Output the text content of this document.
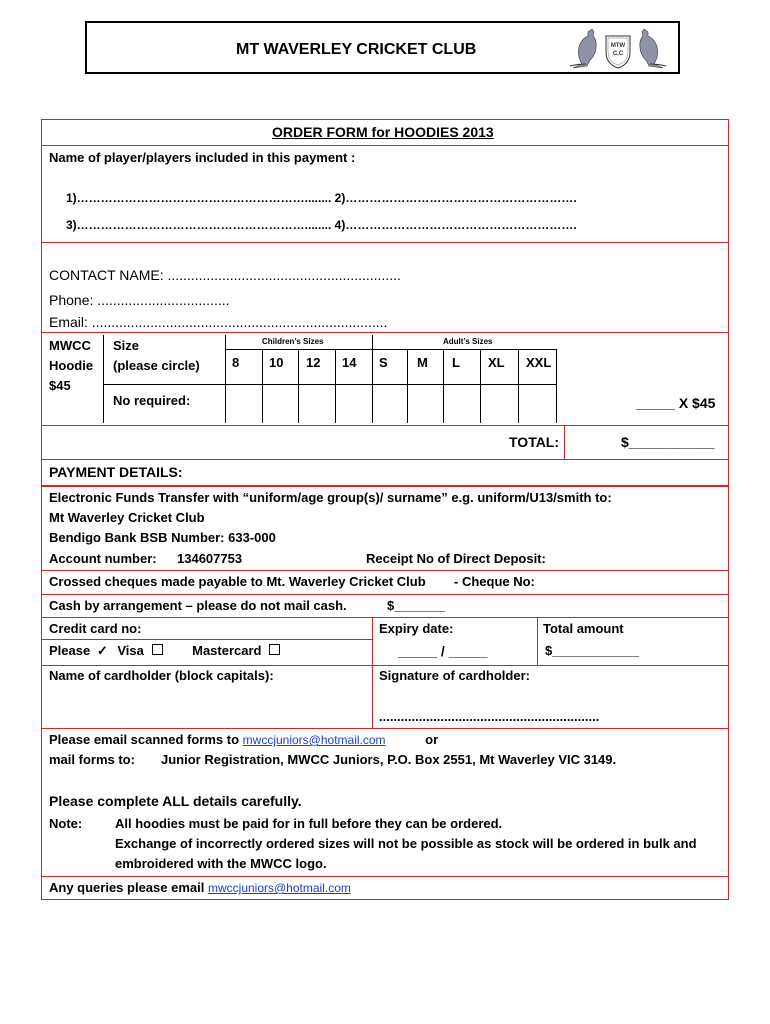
MT WAVERLEY CRICKET CLUB	MTW
C.C
ORDER FORM for HOODIES 2013
Name of player/players included in this payment :
1)…………………………………………………........ 2)………………………………………………….
3)…………………………………………………........ 4)………………………………………………….
CONTACT NAME: ............................................................
Phone: ..................................
Email: ............................................................................
MWCC
Hoodie
$45
Size
(please circle)
Children’s Sizes	Adult’s Sizes
8 10 12 14 S M L XL XXL
No required:	_____ X $45
TOTAL:	$___________
PAYMENT DETAILS:
Electronic Funds Transfer with “uniform/age group(s)/ surname” e.g. uniform/U13/smith to:
Mt Waverley Cricket Club
Bendigo Bank BSB Number: 633-000
Account number: 134607753	Receipt No of Direct Deposit:
Crossed cheques made payable to Mt. Waverley Cricket Club - Cheque No:
Cash by arrangement – please do not mail cash.	$_______
Credit card no:	Expiry date:	Total amount
Please ✓ Visa	Mastercard	_____ / _____	$____________
Name of cardholder (block capitals):	Signature of cardholder:
.............................................................
Please email scanned forms to mwccjuniors@hotmail.com	or
mail forms to: Junior Registration, MWCC Juniors, P.O. Box 2551, Mt Waverley VIC 3149.
Please complete ALL details carefully.
Note:	All hoodies must be paid for in full before they can be ordered.
Exchange of incorrectly ordered sizes will not be possible as stock will be ordered in bulk and
embroidered with the MWCC logo.
Any queries please email mwccjuniors@hotmail.com
